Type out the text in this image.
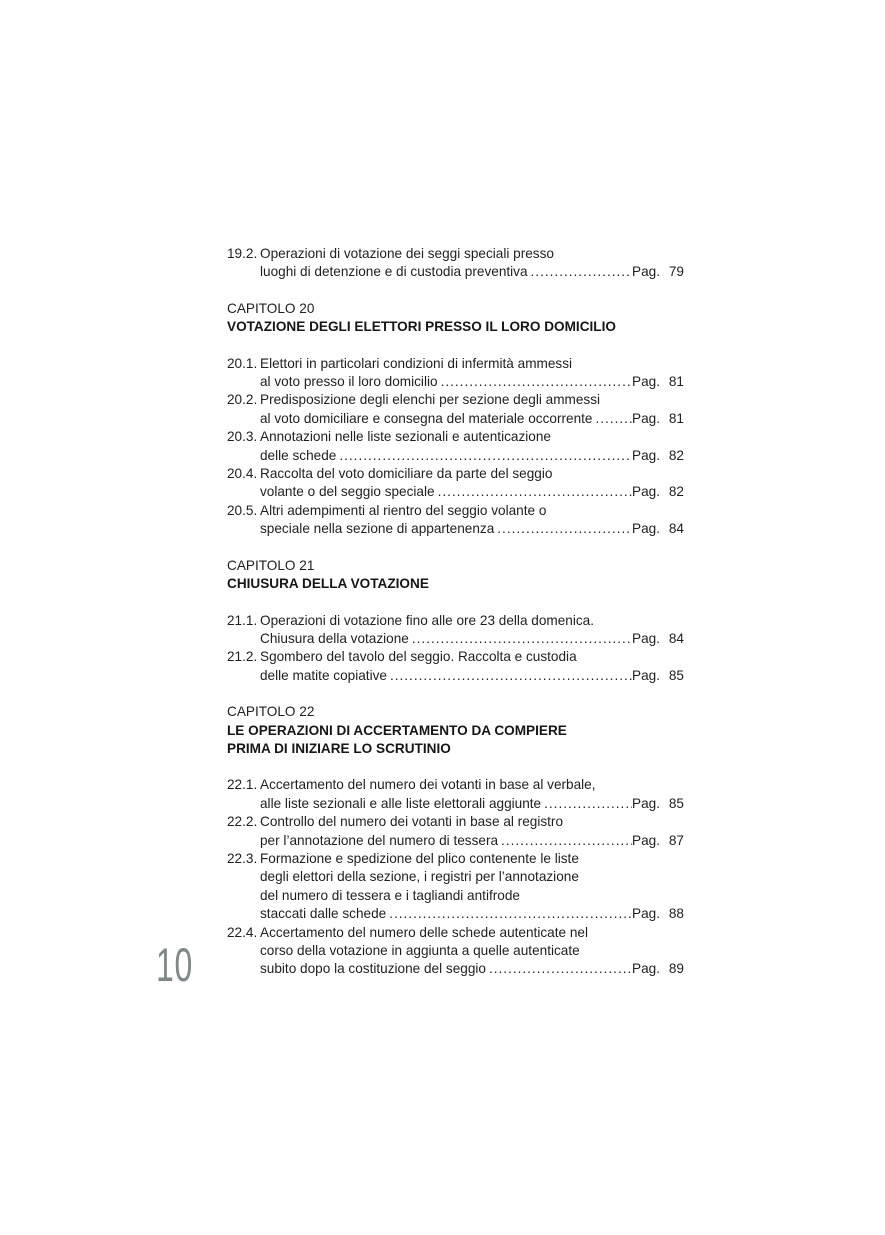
10
19.2. Operazioni di votazione dei seggi speciali presso
luoghi di detenzione e di custodia preventiva .....	Pag. 79
CAPITOLO 20
VOTAZIONE DEGLI ELETTORI PRESSO IL LORO DOMICILIO
20.1. Elettori in particolari condizioni di infermità ammessi
al voto presso il loro domicilio .....	Pag. 81
20.2. Predisposizione degli elenchi per sezione degli ammessi
al voto domiciliare e consegna del materiale occorrente .....	Pag. 81
20.3. Annotazioni nelle liste sezionali e autenticazione
delle schede .....	Pag. 82
20.4. Raccolta del voto domiciliare da parte del seggio
volante o del seggio speciale .....	Pag. 82
20.5. Altri adempimenti al rientro del seggio volante o
speciale nella sezione di appartenenza .....	Pag. 84
CAPITOLO 21
CHIUSURA DELLA VOTAZIONE
21.1. Operazioni di votazione fino alle ore 23 della domenica.
Chiusura della votazione .....	Pag. 84
21.2. Sgombero del tavolo del seggio. Raccolta e custodia
delle matite copiative .....	Pag. 85
CAPITOLO 22
LE OPERAZIONI DI ACCERTAMENTO DA COMPIERE
PRIMA DI INIZIARE LO SCRUTINIO
22.1. Accertamento del numero dei votanti in base al verbale,
alle liste sezionali e alle liste elettorali aggiunte .....	Pag. 85
22.2. Controllo del numero dei votanti in base al registro
per l’annotazione del numero di tessera .....	Pag. 87
22.3. Formazione e spedizione del plico contenente le liste
degli elettori della sezione, i registri per l’annotazione
del numero di tessera e i tagliandi antifrode
staccati dalle schede .....	Pag. 88
22.4. Accertamento del numero delle schede autenticate nel
corso della votazione in aggiunta a quelle autenticate
subito dopo la costituzione del seggio .....	Pag. 89
